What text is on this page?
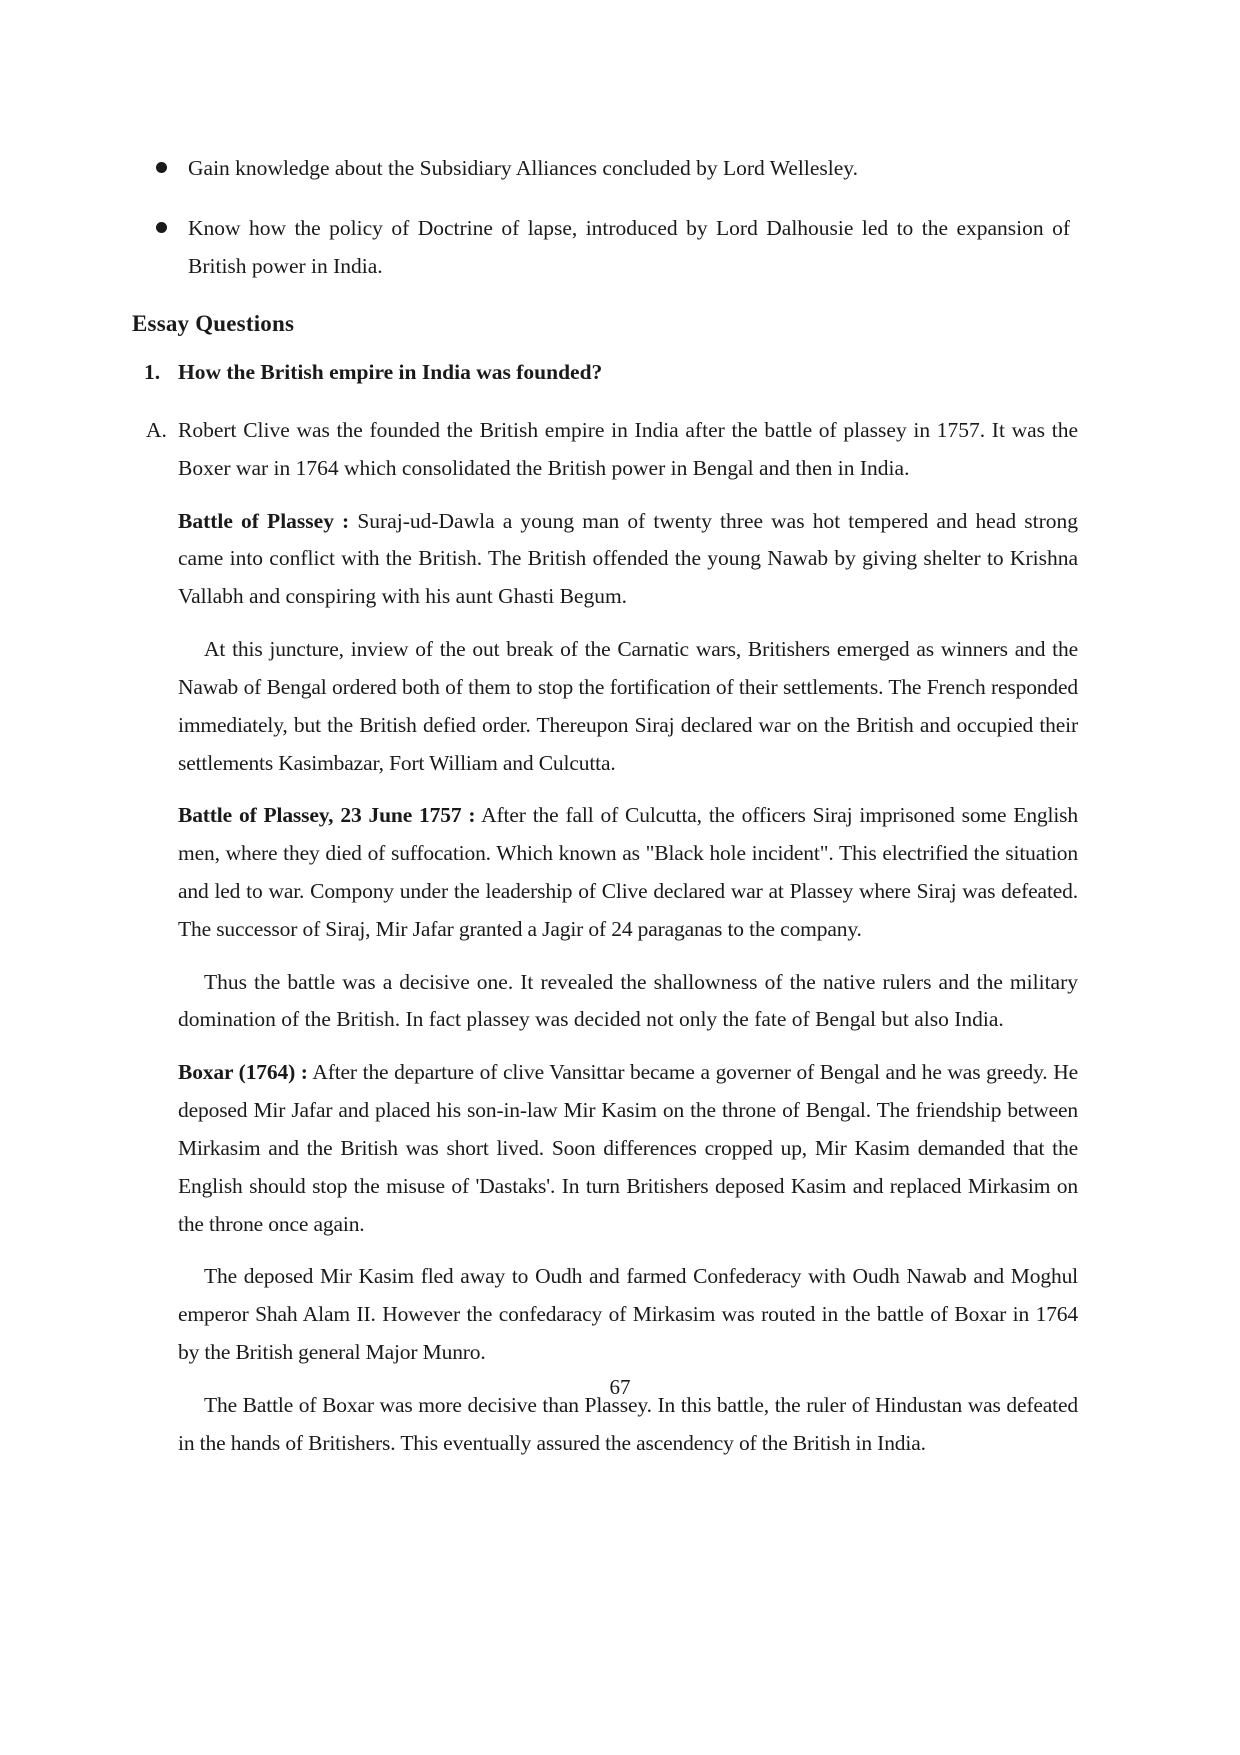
Gain knowledge about the Subsidiary Alliances concluded by Lord Wellesley.
Know how the policy of Doctrine of lapse, introduced by Lord Dalhousie led to the expansion of British power in India.
Essay Questions
1. How the British empire in India was founded?
A. Robert Clive was the founded the British empire in India after the battle of plassey in 1757. It was the Boxer war in 1764 which consolidated the British power in Bengal and then in India.

Battle of Plassey : Suraj-ud-Dawla a young man of twenty three was hot tempered and head strong came into conflict with the British. The British offended the young Nawab by giving shelter to Krishna Vallabh and conspiring with his aunt Ghasti Begum.

At this juncture, inview of the out break of the Carnatic wars, Britishers emerged as winners and the Nawab of Bengal ordered both of them to stop the fortification of their settlements. The French responded immediately, but the British defied order. Thereupon Siraj declared war on the British and occupied their settlements Kasimbazar, Fort William and Culcutta.

Battle of Plassey, 23 June 1757 : After the fall of Culcutta, the officers Siraj imprisoned some English men, where they died of suffocation. Which known as "Black hole incident". This electrified the situation and led to war. Compony under the leadership of Clive declared war at Plassey where Siraj was defeated. The successor of Siraj, Mir Jafar granted a Jagir of 24 paraganas to the company.

Thus the battle was a decisive one. It revealed the shallowness of the native rulers and the military domination of the British. In fact plassey was decided not only the fate of Bengal but also India.

Boxar (1764) : After the departure of clive Vansittar became a governer of Bengal and he was greedy. He deposed Mir Jafar and placed his son-in-law Mir Kasim on the throne of Bengal. The friendship between Mirkasim and the British was short lived. Soon differences cropped up, Mir Kasim demanded that the English should stop the misuse of 'Dastaks'. In turn Britishers deposed Kasim and replaced Mirkasim on the throne once again.

The deposed Mir Kasim fled away to Oudh and farmed Confederacy with Oudh Nawab and Moghul emperor Shah Alam II. However the confedaracy of Mirkasim was routed in the battle of Boxar in 1764 by the British general Major Munro.

The Battle of Boxar was more decisive than Plassey. In this battle, the ruler of Hindustan was defeated in the hands of Britishers. This eventually assured the ascendency of the British in India.

67
